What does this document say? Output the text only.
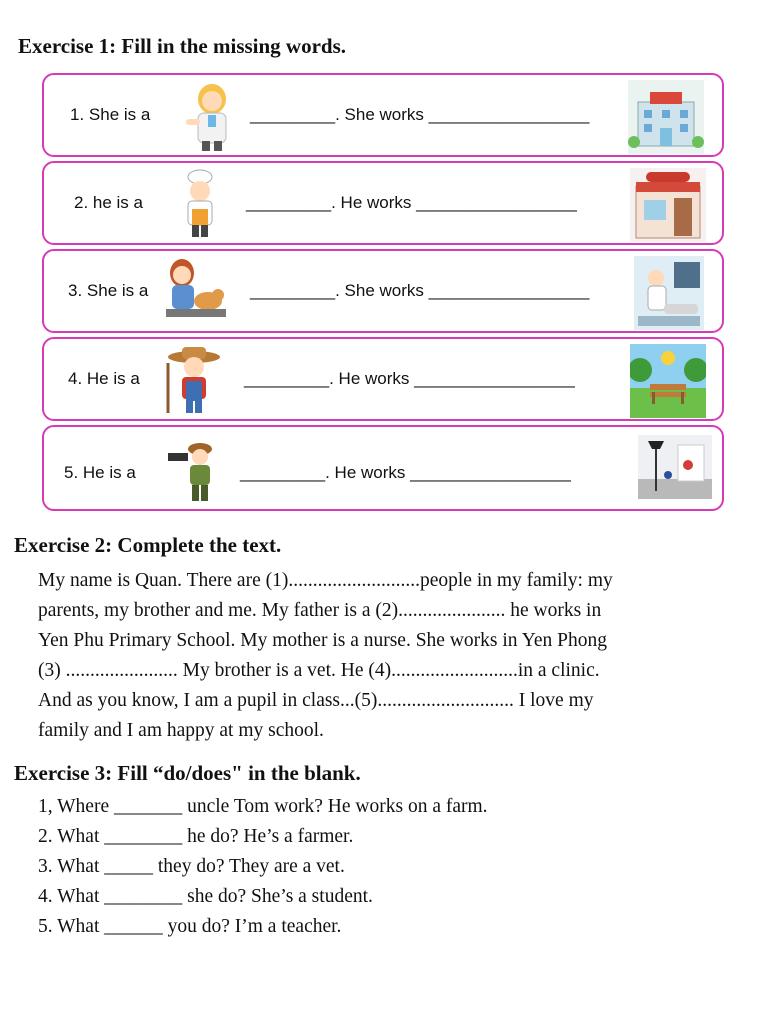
Exercise 1: Fill in the missing words.
1. She is a	_________. She works _________________
2. he is a	_________. He works _________________
3. She is a	_________. She works _________________
4. He is a	_________. He works _________________
5. He is a	_________. He works _________________
Exercise 2: Complete the text.
My name is Quan. There are (1)...........................people in my family: my
parents, my brother and me. My father is a (2)...................... he works in
Yen Phu Primary School. My mother is a nurse. She works in Yen Phong
(3) ....................... My brother is a vet. He (4)..........................in a clinic.
And as you know, I am a pupil in class...(5)............................ I love my
family and I am happy at my school.
Exercise 3: Fill “do/does" in the blank.
1, Where _______ uncle Tom work? He works on a farm.
2. What ________ he do? He’s a farmer.
3. What _____ they do? They are a vet.
4. What ________ she do? She’s a student.
5. What ______ you do? I’m a teacher.
